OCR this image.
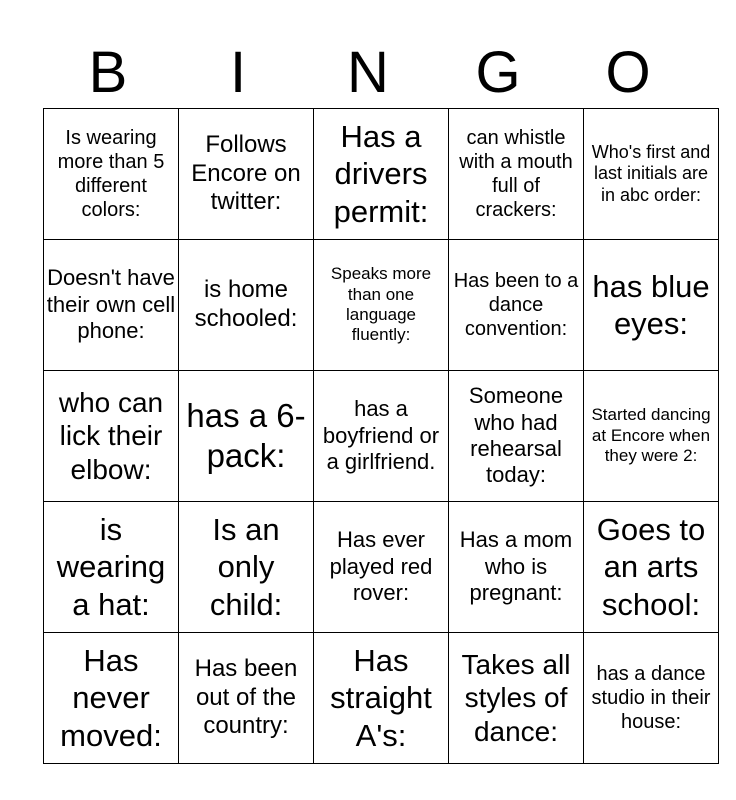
B	I	N	G	O
Is wearing more than 5 different colors:	Follows Encore on twitter:	Has a drivers permit:	can whistle with a mouth full of crackers:	Who's first and last initials are in abc order:
Doesn't have their own cell phone:	is home schooled:	Speaks more than one language fluently:	Has been to a dance convention:	has blue eyes:
who can lick their elbow:	has a 6-pack:	has a boyfriend or a girlfriend.	Someone who had rehearsal today:	Started dancing at Encore when they were 2:
is wearing a hat:	Is an only child:	Has ever played red rover:	Has a mom who is pregnant:	Goes to an arts school:
Has never moved:	Has been out of the country:	Has straight A's:	Takes all styles of dance:	has a dance studio in their house:
